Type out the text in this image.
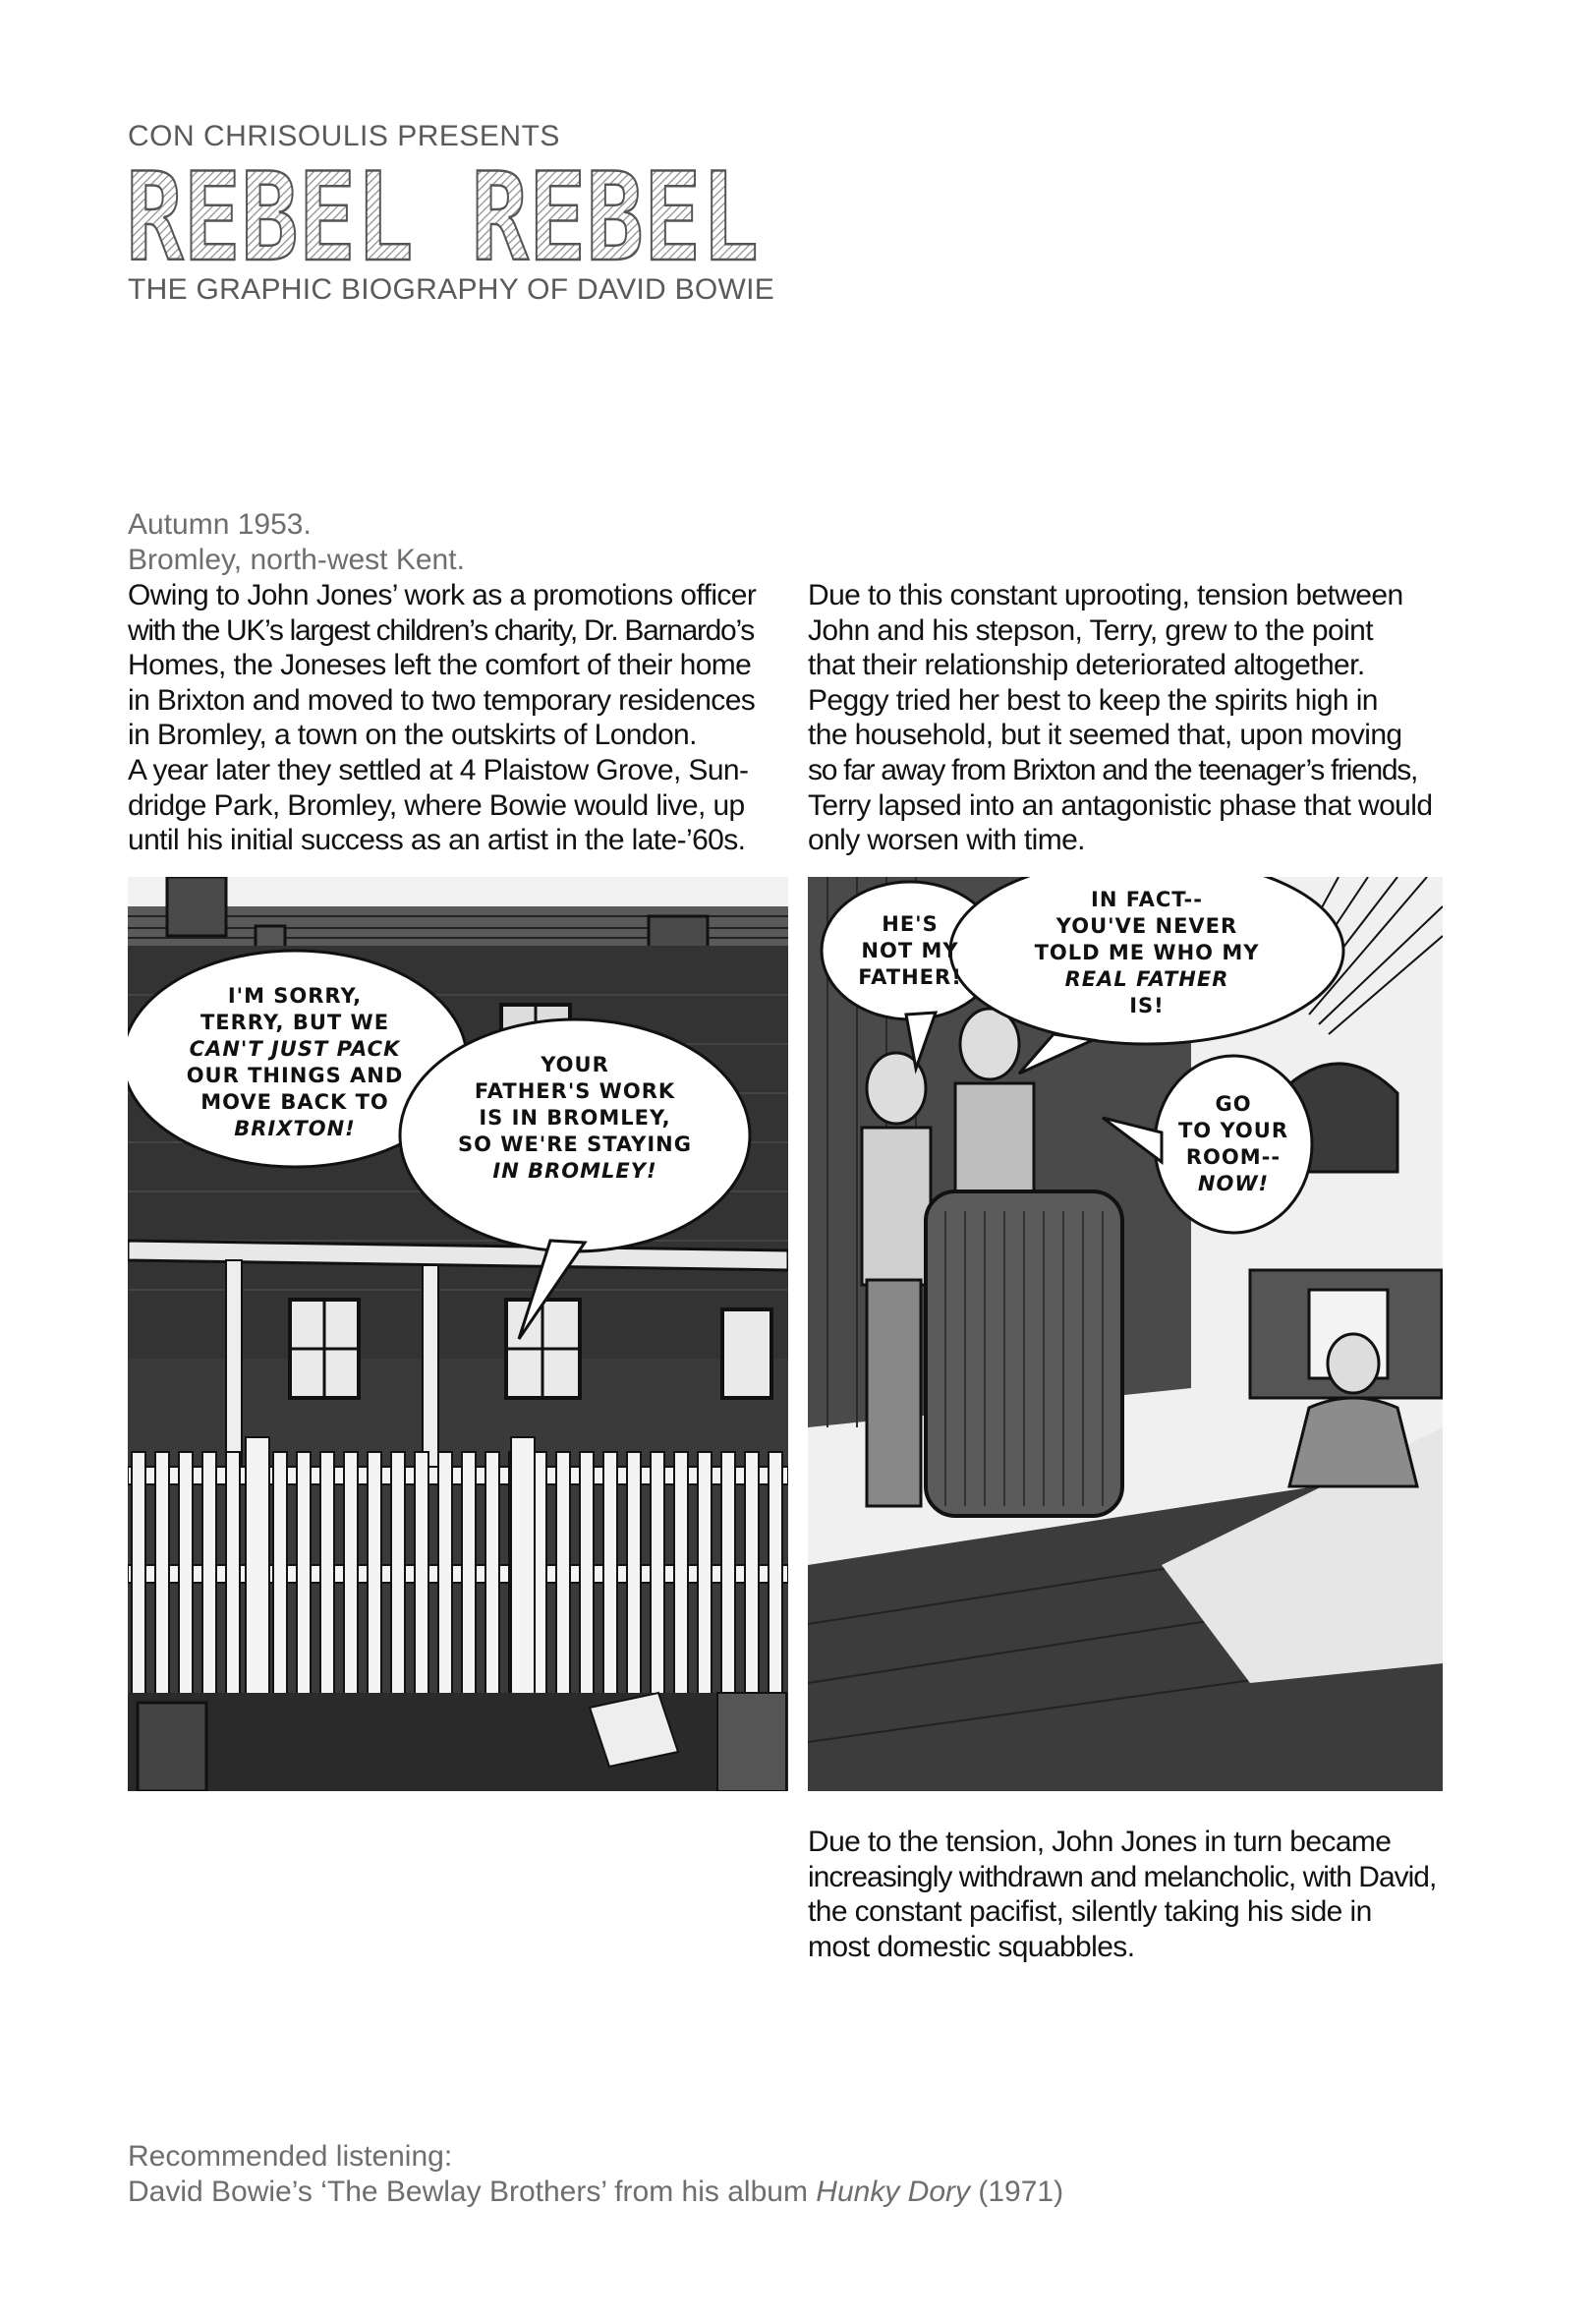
CON CHRISOULIS PRESENTS
REBEL REBEL
THE GRAPHIC BIOGRAPHY OF DAVID BOWIE
Autumn 1953.
Bromley, north-west Kent.
Owing to John Jones’ work as a promotions officer
with the UK’s largest children’s charity, Dr. Barnardo’s
Homes, the Joneses left the comfort of their home
in Brixton and moved to two temporary residences
in Bromley, a town on the outskirts of London.
A year later they settled at 4 Plaistow Grove, Sun-
dridge Park, Bromley, where Bowie would live, up
until his initial success as an artist in the late-’60s.
Due to this constant uprooting, tension between
John and his stepson, Terry, grew to the point
that their relationship deteriorated altogether.
Peggy tried her best to keep the spirits high in
the household, but it seemed that, upon moving
so far away from Brixton and the teenager’s friends,
Terry lapsed into an antagonistic phase that would
only worsen with time.
I'M SORRY,
TERRY, BUT WE
CAN'T JUST PACK
OUR THINGS AND
MOVE BACK TO
BRIXTON!
YOUR
FATHER'S WORK
IS IN BROMLEY,
SO WE'RE STAYING
IN BROMLEY!
HE'S
NOT MY
FATHER!
IN FACT--
YOU'VE NEVER
TOLD ME WHO MY
REAL FATHER
IS!
GO
TO YOUR
ROOM--
NOW!
Due to the tension, John Jones in turn became
increasingly withdrawn and melancholic, with David,
the constant pacifist, silently taking his side in
most domestic squabbles.
Recommended listening:
David Bowie’s ‘The Bewlay Brothers’ from his album Hunky Dory (1971)
